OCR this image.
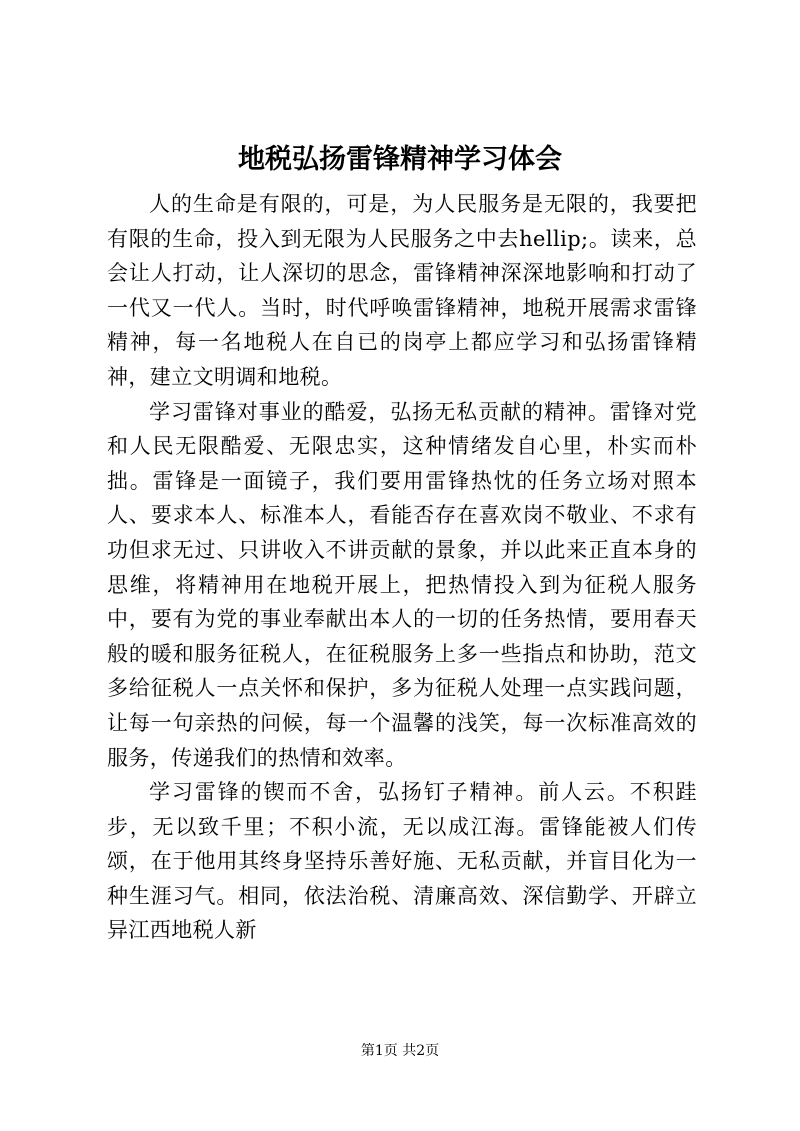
地税弘扬雷锋精神学习体会

人的生命是有限的，可是，为人民服务是无限的，我要把有限的生命，投入到无限为人民服务之中去hellip;。读来，总会让人打动，让人深切的思念，雷锋精神深深地影响和打动了一代又一代人。当时，时代呼唤雷锋精神，地税开展需求雷锋精神，每一名地税人在自已的岗亭上都应学习和弘扬雷锋精神，建立文明调和地税。

学习雷锋对事业的酷爱，弘扬无私贡献的精神。雷锋对党和人民无限酷爱、无限忠实，这种情绪发自心里，朴实而朴拙。雷锋是一面镜子，我们要用雷锋热忱的任务立场对照本人、要求本人、标准本人，看能否存在喜欢岗不敬业、不求有功但求无过、只讲收入不讲贡献的景象，并以此来正直本身的思维，将精神用在地税开展上，把热情投入到为征税人服务中，要有为党的事业奉献出本人的一切的任务热情，要用春天般的暖和服务征税人，在征税服务上多一些指点和协助，范文多给征税人一点关怀和保护，多为征税人处理一点实践问题，让每一句亲热的问候，每一个温馨的浅笑，每一次标准高效的服务，传递我们的热情和效率。

学习雷锋的锲而不舍，弘扬钉子精神。前人云。不积跬步，无以致千里；不积小流，无以成江海。雷锋能被人们传颂，在于他用其终身坚持乐善好施、无私贡献，并盲目化为一种生涯习气。相同，依法治税、清廉高效、深信勤学、开辟立异江西地税人新

第1页 共2页
